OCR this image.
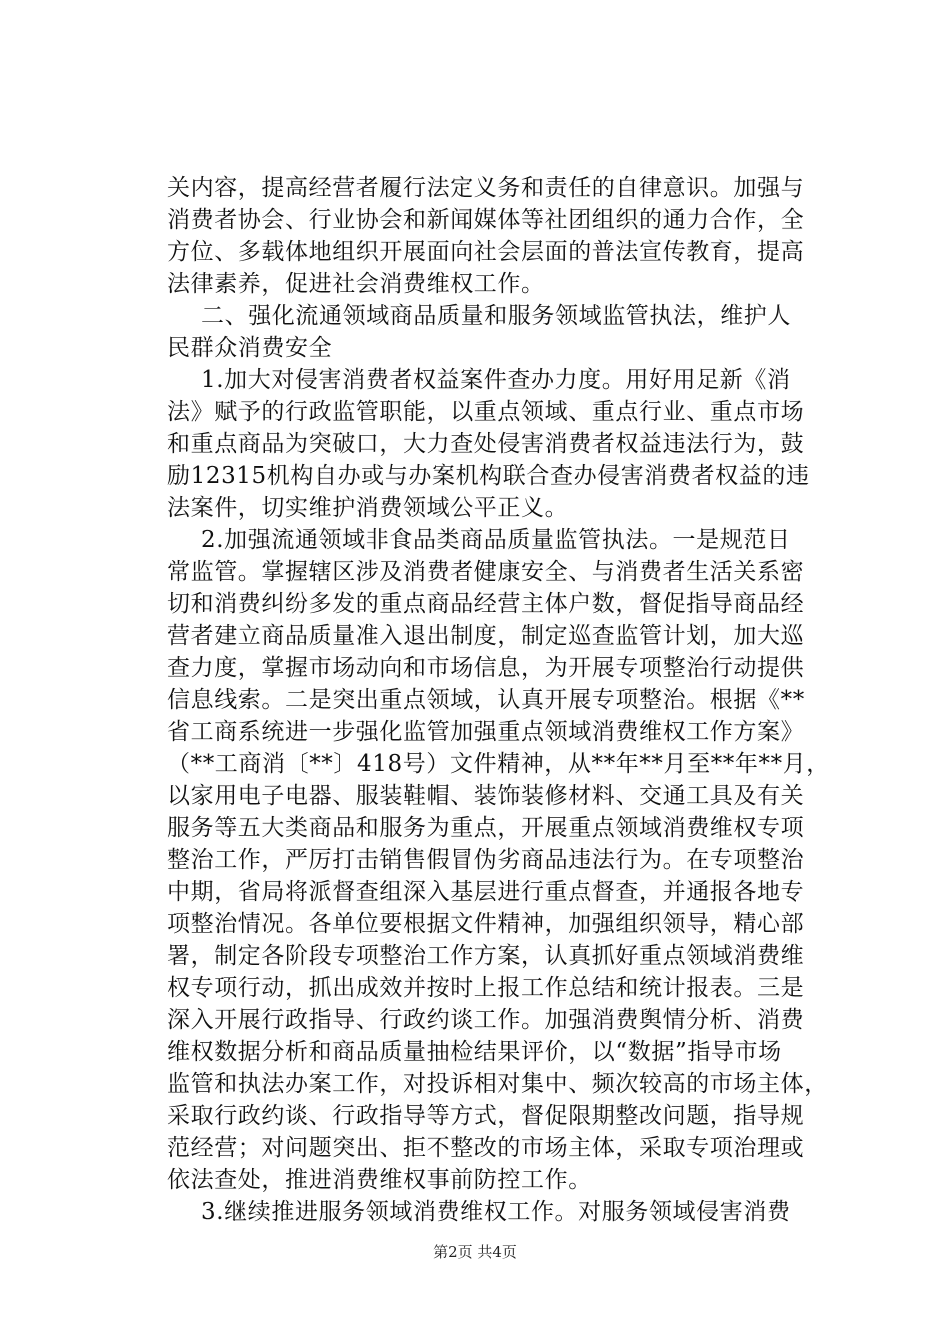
关内容，提高经营者履行法定义务和责任的自律意识。加强与
消费者协会、行业协会和新闻媒体等社团组织的通力合作，全
方位、多载体地组织开展面向社会层面的普法宣传教育，提高
法律素养，促进社会消费维权工作。
二、强化流通领域商品质量和服务领域监管执法，维护人
民群众消费安全
1.加大对侵害消费者权益案件查办力度。用好用足新《消
法》赋予的行政监管职能，以重点领域、重点行业、重点市场
和重点商品为突破口，大力查处侵害消费者权益违法行为，鼓
励12315机构自办或与办案机构联合查办侵害消费者权益的违
法案件，切实维护消费领域公平正义。
2.加强流通领域非食品类商品质量监管执法。一是规范日
常监管。掌握辖区涉及消费者健康安全、与消费者生活关系密
切和消费纠纷多发的重点商品经营主体户数，督促指导商品经
营者建立商品质量准入退出制度，制定巡查监管计划，加大巡
查力度，掌握市场动向和市场信息，为开展专项整治行动提供
信息线索。二是突出重点领域，认真开展专项整治。根据《**
省工商系统进一步强化监管加强重点领域消费维权工作方案》
（**工商消〔**〕418号）文件精神，从**年**月至**年**月，
以家用电子电器、服装鞋帽、装饰装修材料、交通工具及有关
服务等五大类商品和服务为重点，开展重点领域消费维权专项
整治工作，严厉打击销售假冒伪劣商品违法行为。在专项整治
中期，省局将派督查组深入基层进行重点督查，并通报各地专
项整治情况。各单位要根据文件精神，加强组织领导，精心部
署，制定各阶段专项整治工作方案，认真抓好重点领域消费维
权专项行动，抓出成效并按时上报工作总结和统计报表。三是
深入开展行政指导、行政约谈工作。加强消费舆情分析、消费
维权数据分析和商品质量抽检结果评价，以“数据”指导市场
监管和执法办案工作，对投诉相对集中、频次较高的市场主体，
采取行政约谈、行政指导等方式，督促限期整改问题，指导规
范经营；对问题突出、拒不整改的市场主体，采取专项治理或
依法查处，推进消费维权事前防控工作。
3.继续推进服务领域消费维权工作。对服务领域侵害消费
第2页 共4页
